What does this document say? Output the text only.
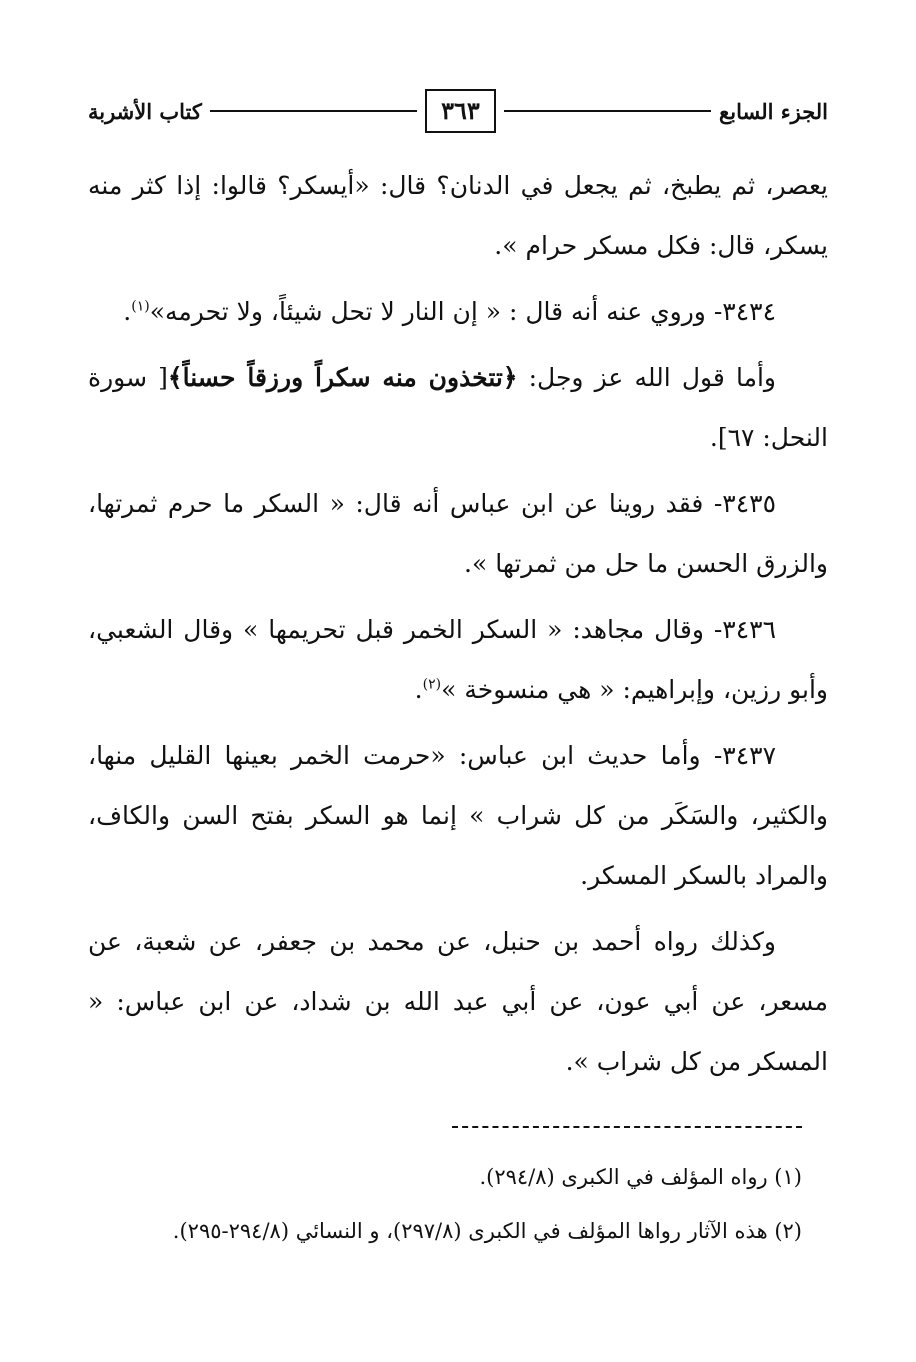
الجزء السابع
٣٦٣
كتاب الأشربة

يعصر، ثم يطبخ، ثم يجعل في الدنان؟ قال: «أيسكر؟ قالوا: إذا كثر منه يسكر، قال: فكل مسكر حرام ».

٣٤٣٤- وروي عنه أنه قال : « إن النار لا تحل شيئاً، ولا تحرمه»$^{(١)}$.

وأما قول الله عز وجل: ﴿تتخذون منه سكراً ورزقاً حسناً﴾[ سورة النحل: ٦٧].

٣٤٣٥- فقد روينا عن ابن عباس أنه قال: « السكر ما حرم ثمرتها، والزرق الحسن ما حل من ثمرتها ».

٣٤٣٦- وقال مجاهد: « السكر الخمر قبل تحريمها » وقال الشعبي، وأبو رزين، وإبراهيم: « هي منسوخة »$^{(٢)}$.

٣٤٣٧- وأما حديث ابن عباس: «حرمت الخمر بعينها القليل منها، والكثير، والسَكَر من كل شراب » إنما هو السكر بفتح السن والكاف، والمراد بالسكر المسكر.

وكذلك رواه أحمد بن حنبل، عن محمد بن جعفر، عن شعبة، عن مسعر، عن أبي عون، عن أبي عبد الله بن شداد، عن ابن عباس: « المسكر من كل شراب ».

(١) رواه المؤلف في الكبرى (٢٩٤/٨).

(٢) هذه الآثار رواها المؤلف في الكبرى (٢٩٧/٨)، و النسائي (٢٩٤/٨-٢٩٥).
